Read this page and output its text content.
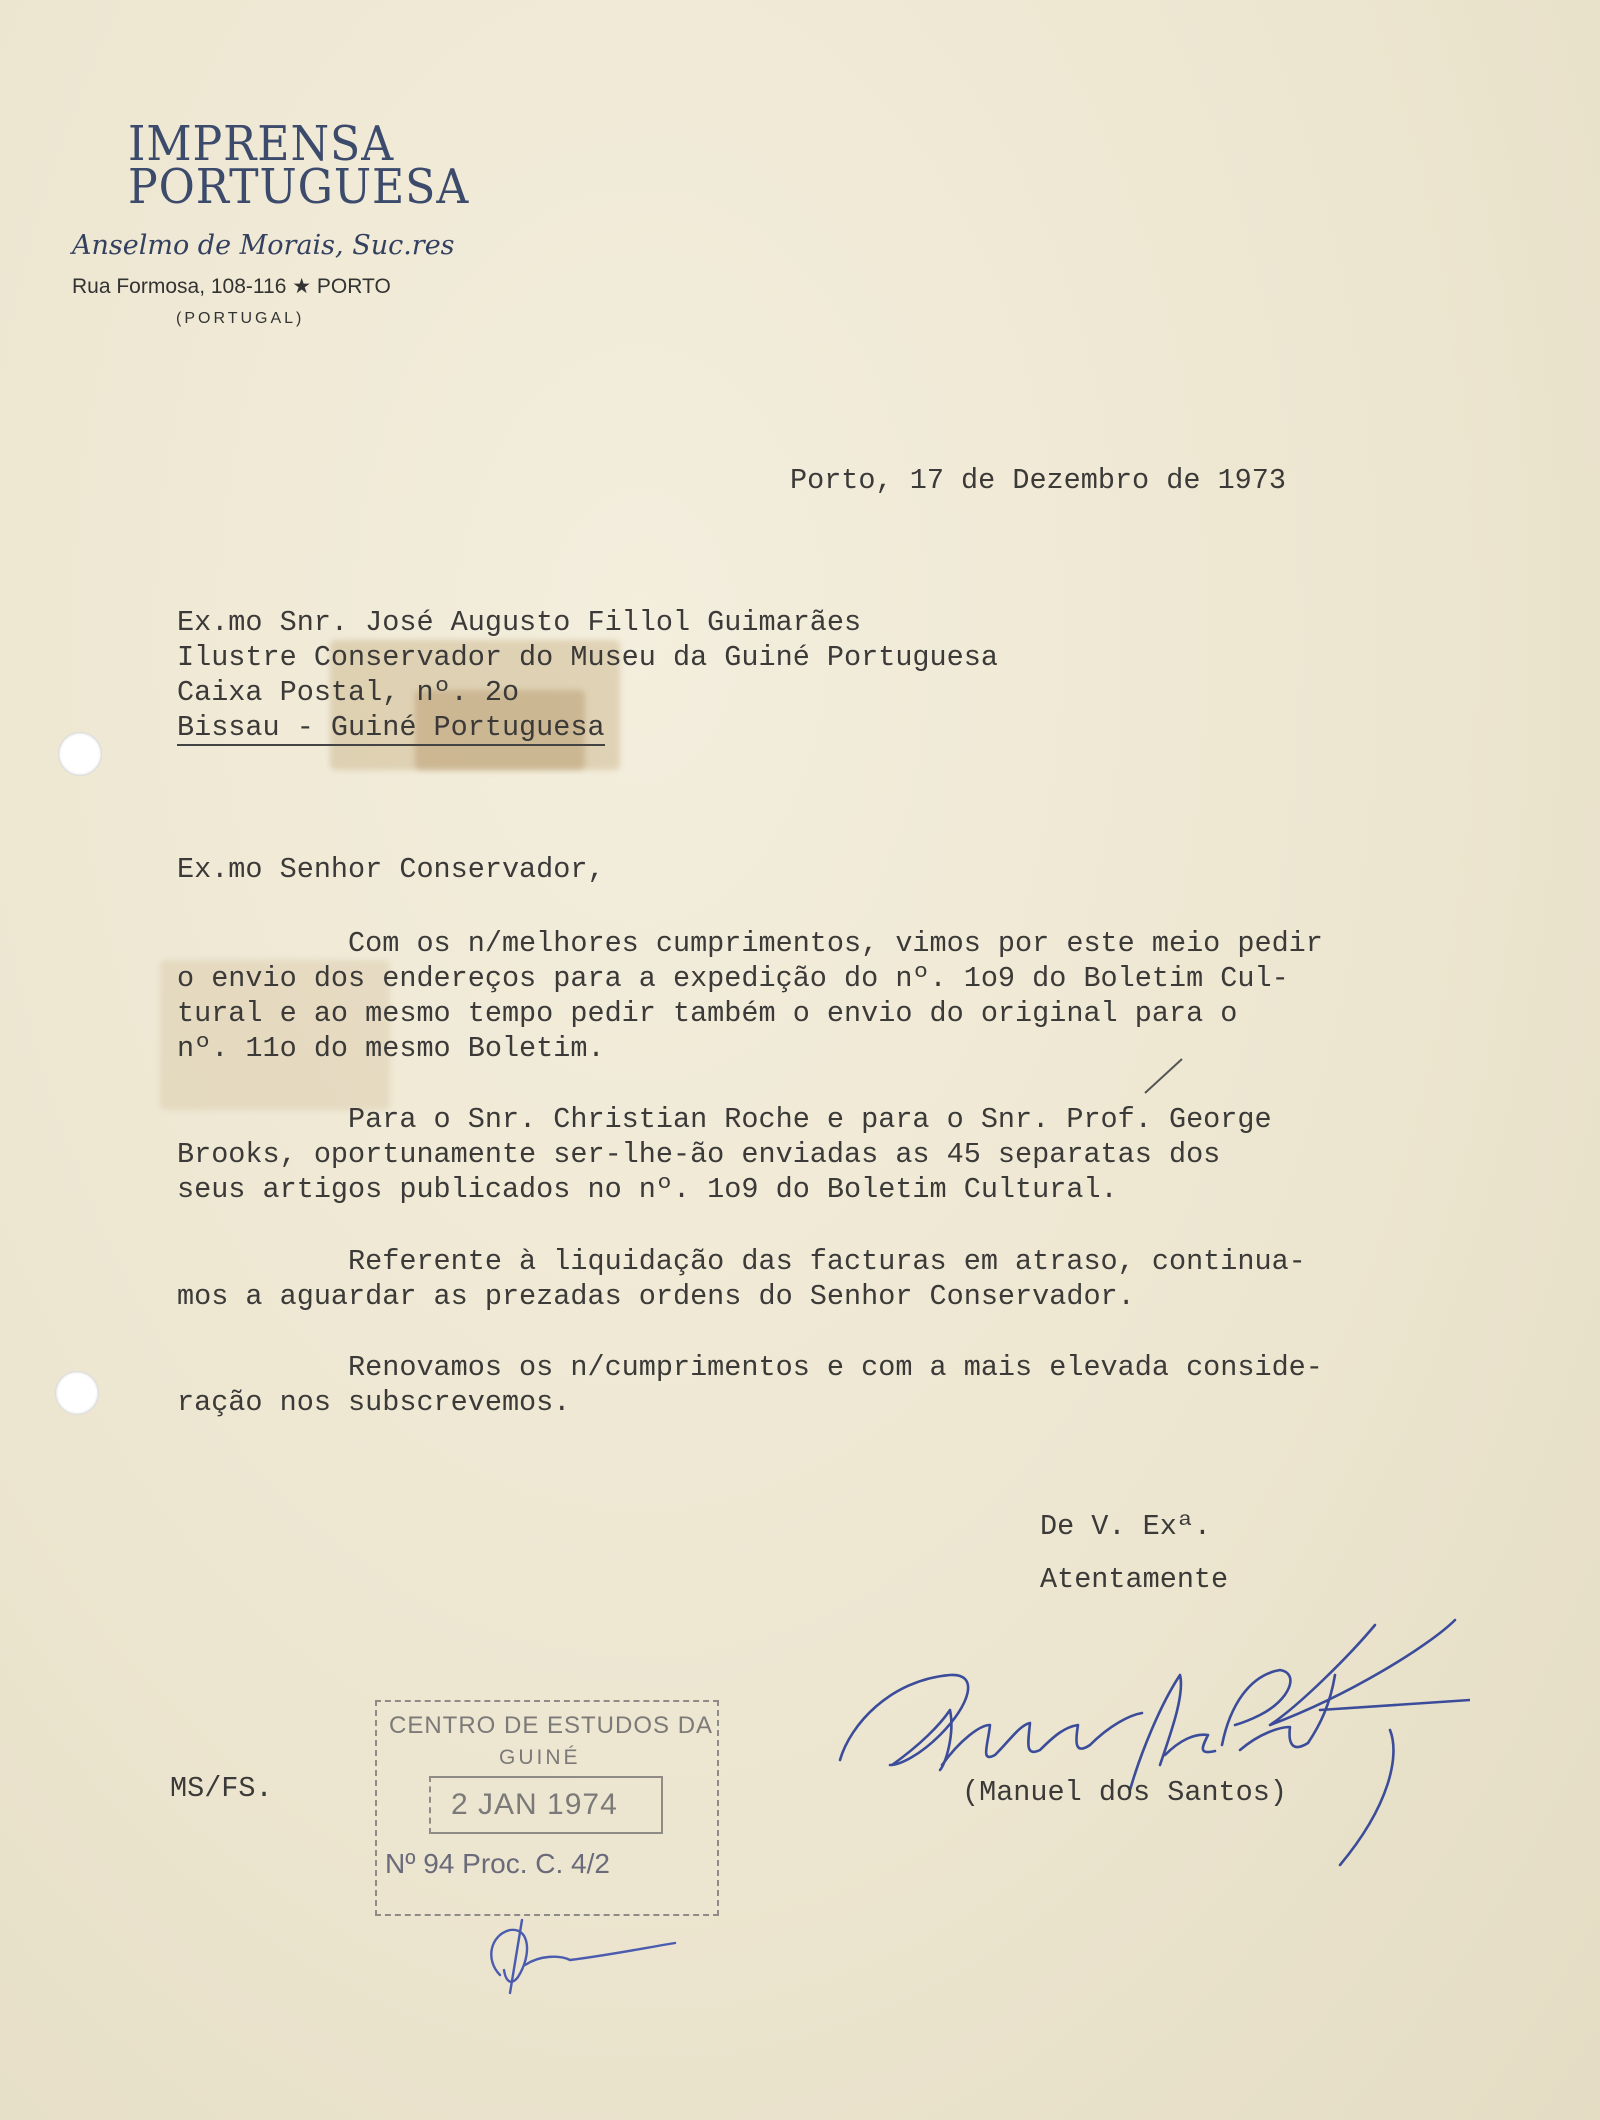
IMPRENSA
PORTUGUESA
Anselmo de Morais, Suc.res
Rua Formosa, 108-116 ★ PORTO
(PORTUGAL)
Porto, 17 de Dezembro de 1973
Ex.mo Snr. José Augusto Fillol Guimarães
Ilustre Conservador do Museu da Guiné Portuguesa
Caixa Postal, nº. 2o
Bissau - Guiné Portuguesa
Ex.mo Senhor Conservador,
Com os n/melhores cumprimentos, vimos por este meio pedir
o envio dos endereços para a expedição do nº. 1o9 do Boletim Cul-
tural e ao mesmo tempo pedir também o envio do original para o
nº. 11o do mesmo Boletim.
Para o Snr. Christian Roche e para o Snr. Prof. George
Brooks, oportunamente ser-lhe-ão enviadas as 45 separatas dos
seus artigos publicados no nº. 1o9 do Boletim Cultural.
Referente à liquidação das facturas em atraso, continua-
mos a aguardar as prezadas ordens do Senhor Conservador.
Renovamos os n/cumprimentos e com a mais elevada conside-
ração nos subscrevemos.
De V. Exª.
Atentamente
(Manuel dos Santos)
MS/FS.
CENTRO DE ESTUDOS DA
GUINÉ
2 JAN 1974
Nº 94 Proc. C. 4/2
